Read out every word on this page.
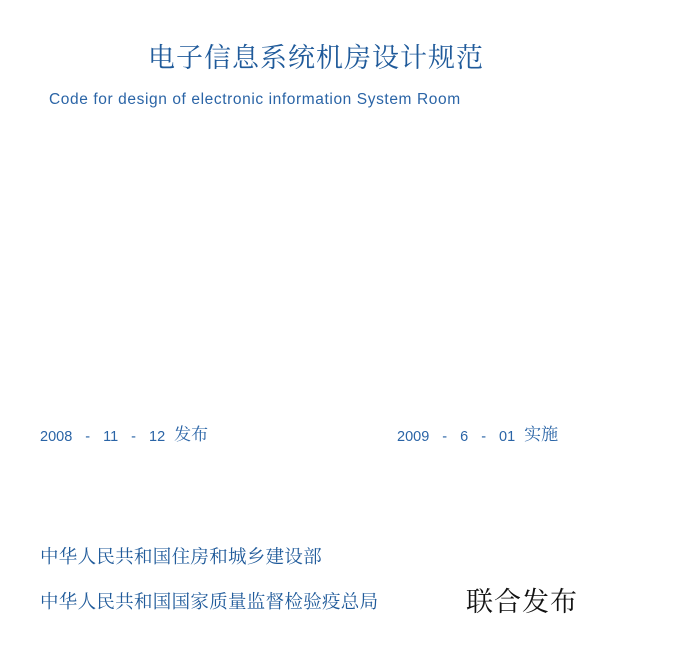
电子信息系统机房设计规范
Code for design of electronic information System Room
2008 - 11 - 12 发布	2009 - 6 - 01 实施
中华人民共和国住房和城乡建设部
中华人民共和国国家质量监督检验疫总局	联合发布
